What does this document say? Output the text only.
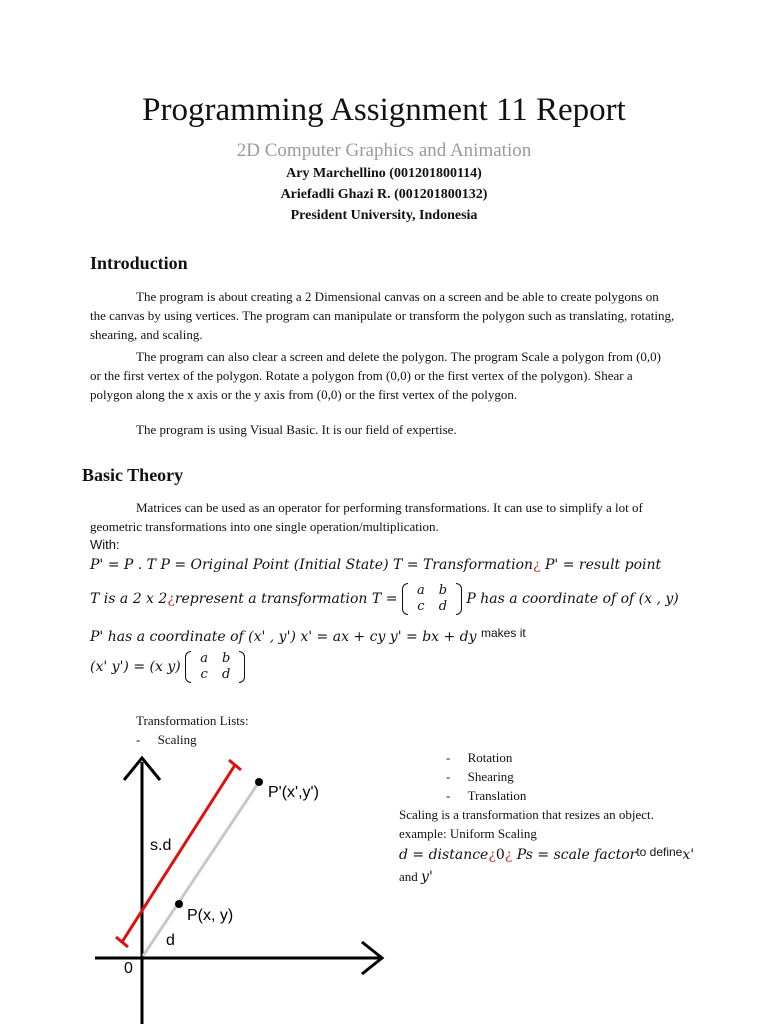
Programming Assignment 11 Report
2D Computer Graphics and Animation
Ary Marchellino (001201800114)
Ariefadli Ghazi R. (001201800132)
President University, Indonesia
Introduction
The program is about creating a 2 Dimensional canvas on a screen and be able to create polygons on the canvas by using vertices. The program can manipulate or transform the polygon such as translating, rotating, shearing, and scaling.
The program can also clear a screen and delete the polygon. The program Scale a polygon from (0,0) or the first vertex of the polygon. Rotate a polygon from (0,0) or the first vertex of the polygon). Shear a polygon along the x axis or the y axis from (0,0) or the first vertex of the polygon.
The program is using Visual Basic. It is our field of expertise.
Basic Theory
Matrices can be used as an operator for performing transformations. It can use to simplify a lot of geometric transformations into one single operation/multiplication.
With:
P' = P . T P = Original Point (Initial State) T = Transformation¿ P' = result point
T is a 2 x 2¿represent a transformation T = a b
c d P has a coordinate of of (x , y)
P' has a coordinate of (x' , y') x' = ax + cy y' = bx + dy makes it
(x' y') = (x y) a b
c d
Transformation Lists:
- Scaling
- Rotation
- Shearing
- Translation
Scaling is a transformation that resizes an object.
example: Uniform Scaling
d = distance¿0¿ Ps = scale factorto definex'
and y'
P'(x',y')
P(x, y)
s.d
d
0
